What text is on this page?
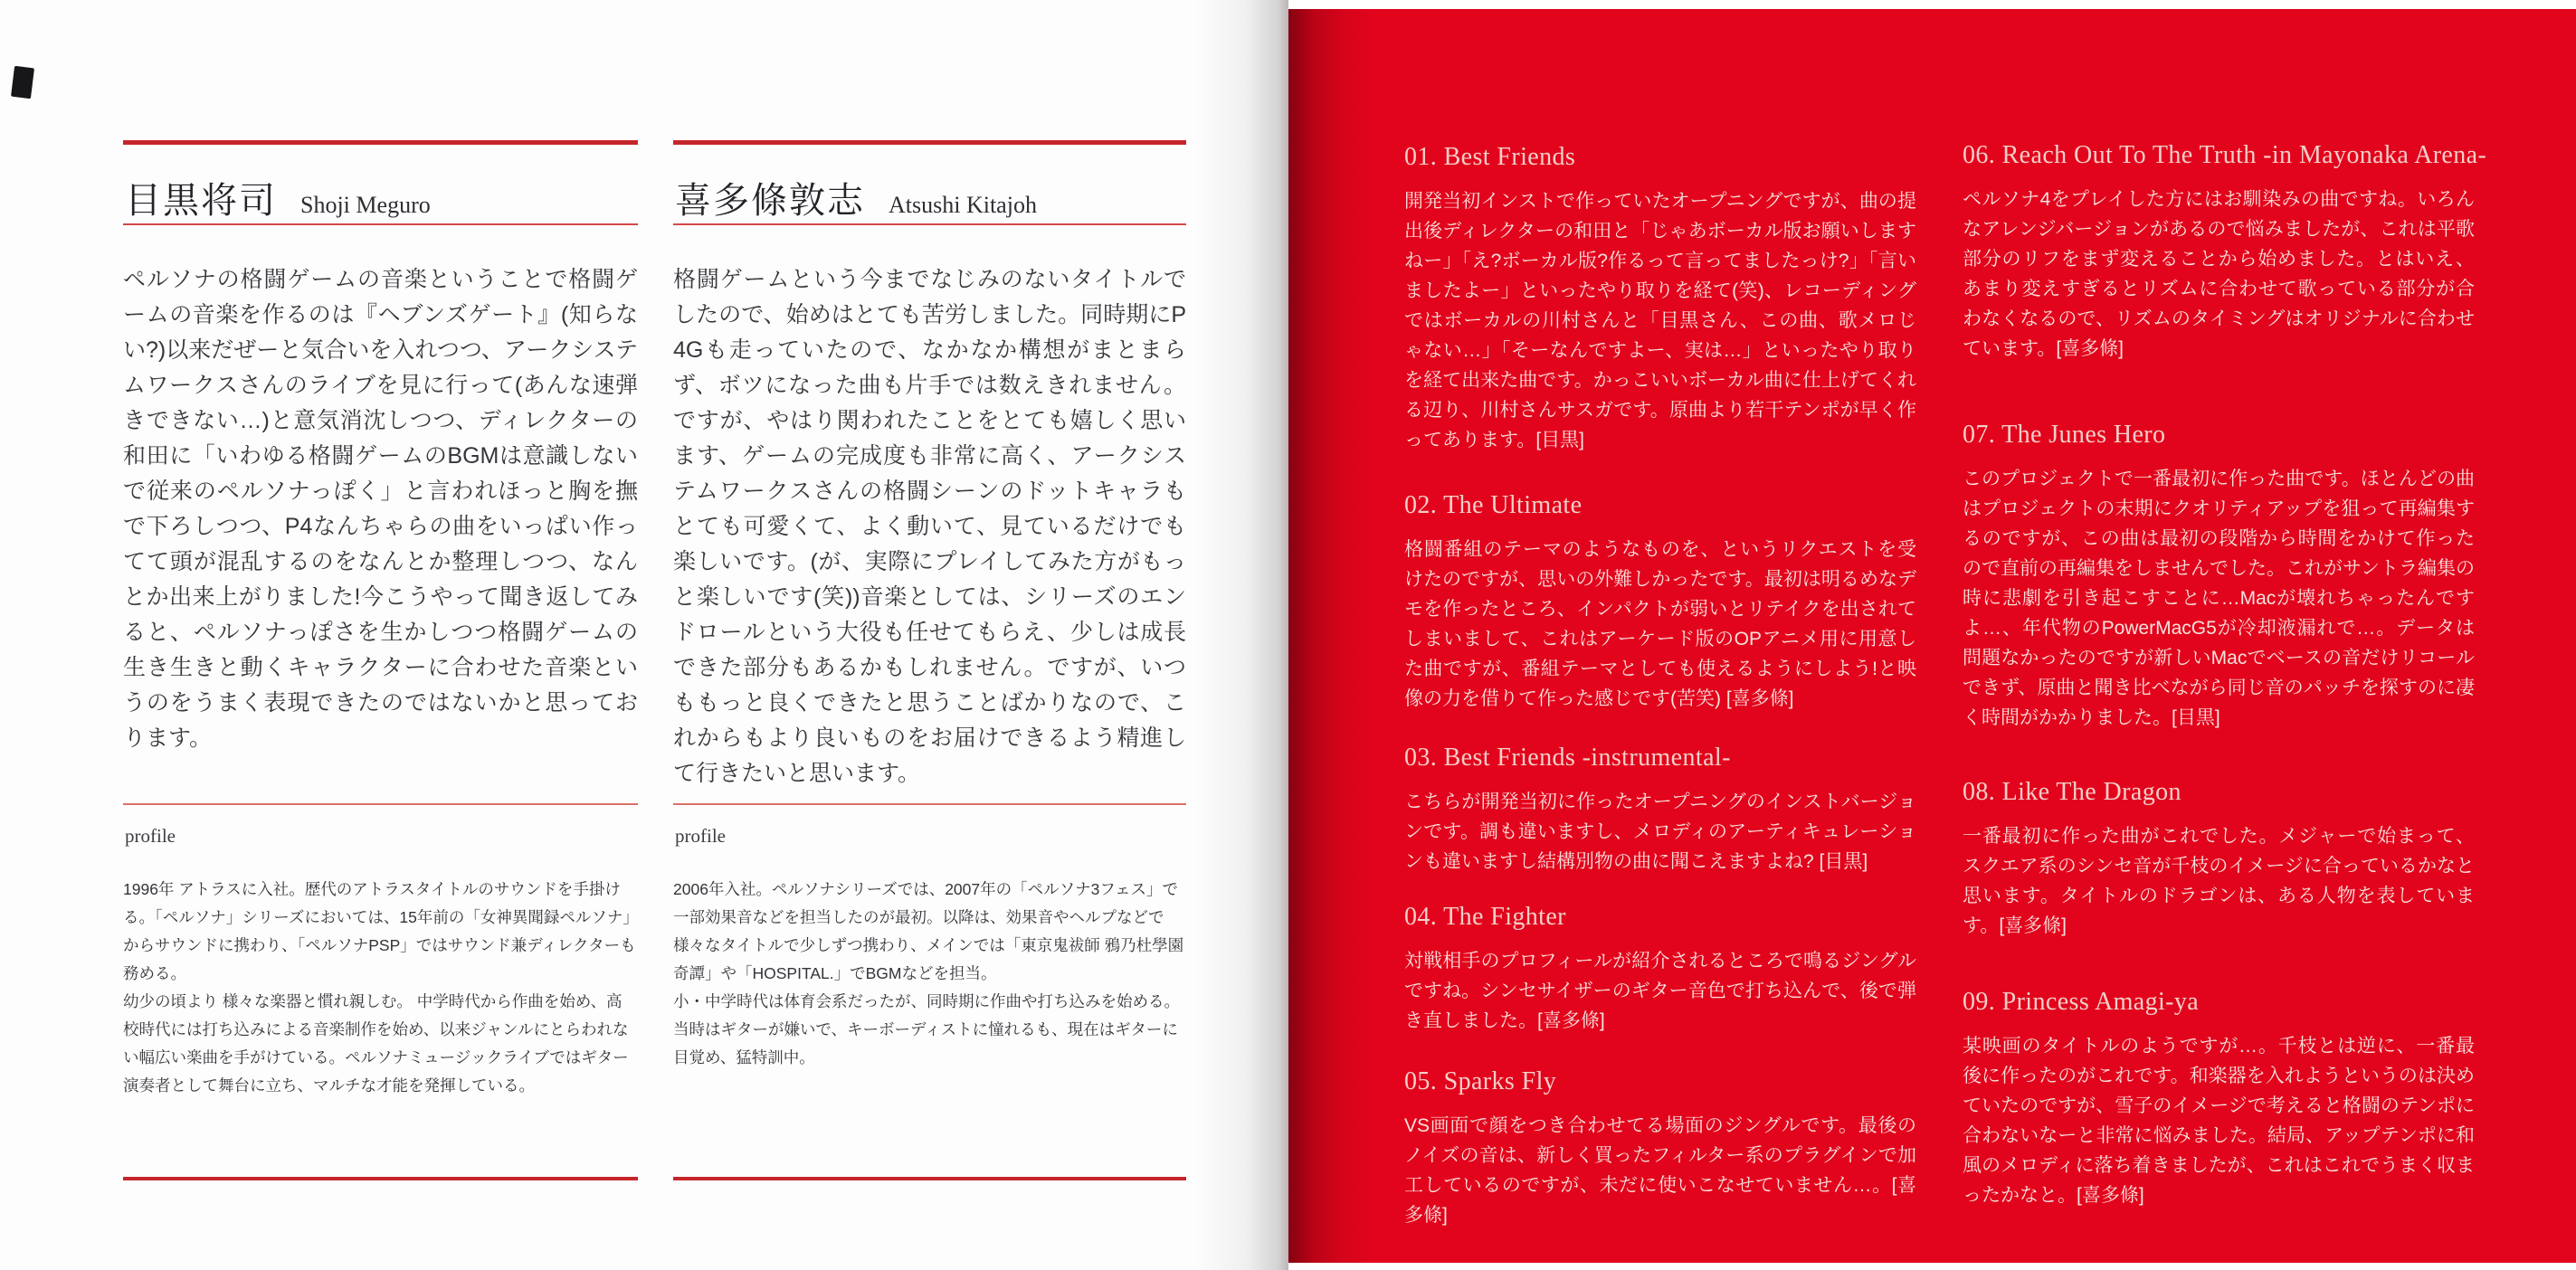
目黒将司 Shoji Meguro
ペルソナの格闘ゲームの音楽ということで格闘ゲームの音楽を作るのは『ヘブンズゲート』(知らない?)以来だぜーと気合いを入れつつ、アークシステムワークスさんのライブを見に行って(あんな速弾きできない…)と意気消沈しつつ、ディレクターの和田に「いわゆる格闘ゲームのBGMは意識しないで従来のペルソナっぽく」と言われほっと胸を撫で下ろしつつ、P4なんちゃらの曲をいっぱい作ってて頭が混乱するのをなんとか整理しつつ、なんとか出来上がりました!今こうやって聞き返してみると、ペルソナっぽさを生かしつつ格闘ゲームの生き生きと動くキャラクターに合わせた音楽というのをうまく表現できたのではないかと思っております。
profile

1996年 アトラスに入社。歴代のアトラスタイトルのサウンドを手掛ける。「ペルソナ」シリーズにおいては、15年前の「女神異聞録ペルソナ」からサウンドに携わり、「ペルソナPSP」ではサウンド兼ディレクターも務める。

幼少の頃より 様々な楽器と慣れ親しむ。 中学時代から作曲を始め、高校時代には打ち込みによる音楽制作を始め、以来ジャンルにとらわれない幅広い楽曲を手がけている。ペルソナミュージックライブではギター演奏者として舞台に立ち、マルチな才能を発揮している。

喜多條敦志 Atsushi Kitajoh
格闘ゲームという今までなじみのないタイトルでしたので、始めはとても苦労しました。同時期にP4Gも走っていたので、なかなか構想がまとまらず、ボツになった曲も片手では数えきれません。ですが、やはり関われたことをとても嬉しく思います、ゲームの完成度も非常に高く、アークシステムワークスさんの格闘シーンのドットキャラもとても可愛くて、よく動いて、見ているだけでも楽しいです。(が、実際にプレイしてみた方がもっと楽しいです(笑))音楽としては、シリーズのエンドロールという大役も任せてもらえ、少しは成長できた部分もあるかもしれません。ですが、いつももっと良くできたと思うことばかりなので、これからもより良いものをお届けできるよう精進して行きたいと思います。
profile

2006年入社。ペルソナシリーズでは、2007年の「ペルソナ3フェス」で一部効果音などを担当したのが最初。以降は、効果音やヘルプなどで様々なタイトルで少しずつ携わり、メインでは「東京鬼祓師 鴉乃杜學園奇譚」や「HOSPITAL.」でBGMなどを担当。

小・中学時代は体育会系だったが、同時期に作曲や打ち込みを始める。当時はギターが嫌いで、キーボーディストに憧れるも、現在はギターに目覚め、猛特訓中。

01. Best Friends
開発当初インストで作っていたオープニングですが、曲の提出後ディレクターの和田と「じゃあボーカル版お願いしますねー」「え?ボーカル版?作るって言ってましたっけ?」「言いましたよー」といったやり取りを経て(笑)、レコーディングではボーカルの川村さんと「目黒さん、この曲、歌メロじゃない…」「そーなんですよー、実は…」といったやり取りを経て出来た曲です。かっこいいボーカル曲に仕上げてくれる辺り、川村さんサスガです。原曲より若干テンポが早く作ってあります。[目黒]
02. The Ultimate
格闘番組のテーマのようなものを、というリクエストを受けたのですが、思いの外難しかったです。最初は明るめなデモを作ったところ、インパクトが弱いとリテイクを出されてしまいまして、これはアーケード版のOPアニメ用に用意した曲ですが、番組テーマとしても使えるようにしよう!と映像の力を借りて作った感じです(苦笑) [喜多條]
03. Best Friends -instrumental-
こちらが開発当初に作ったオープニングのインストバージョンです。調も違いますし、メロディのアーティキュレーションも違いますし結構別物の曲に聞こえますよね? [目黒]
04. The Fighter
対戦相手のプロフィールが紹介されるところで鳴るジングルですね。シンセサイザーのギター音色で打ち込んで、後で弾き直しました。[喜多條]
05. Sparks Fly
VS画面で顔をつき合わせてる場面のジングルです。最後のノイズの音は、新しく買ったフィルター系のプラグインで加工しているのですが、未だに使いこなせていません…。[喜多條]
06. Reach Out To The Truth -in Mayonaka Arena-
ペルソナ4をプレイした方にはお馴染みの曲ですね。いろんなアレンジバージョンがあるので悩みましたが、これは平歌部分のリフをまず変えることから始めました。とはいえ、あまり変えすぎるとリズムに合わせて歌っている部分が合わなくなるので、リズムのタイミングはオリジナルに合わせています。[喜多條]
07. The Junes Hero
このプロジェクトで一番最初に作った曲です。ほとんどの曲はプロジェクトの末期にクオリティアップを狙って再編集するのですが、この曲は最初の段階から時間をかけて作ったので直前の再編集をしませんでした。これがサントラ編集の時に悲劇を引き起こすことに…Macが壊れちゃったんですよ…、年代物のPowerMacG5が冷却液漏れで…。データは問題なかったのですが新しいMacでベースの音だけリコールできず、原曲と聞き比べながら同じ音のパッチを探すのに凄く時間がかかりました。[目黒]
08. Like The Dragon
一番最初に作った曲がこれでした。メジャーで始まって、スクエア系のシンセ音が千枝のイメージに合っているかなと思います。タイトルのドラゴンは、ある人物を表しています。[喜多條]
09. Princess Amagi-ya
某映画のタイトルのようですが…。千枝とは逆に、一番最後に作ったのがこれです。和楽器を入れようというのは決めていたのですが、雪子のイメージで考えると格闘のテンポに合わないなーと非常に悩みました。結局、アップテンポに和風のメロディに落ち着きましたが、これはこれでうまく収まったかなと。[喜多條]
